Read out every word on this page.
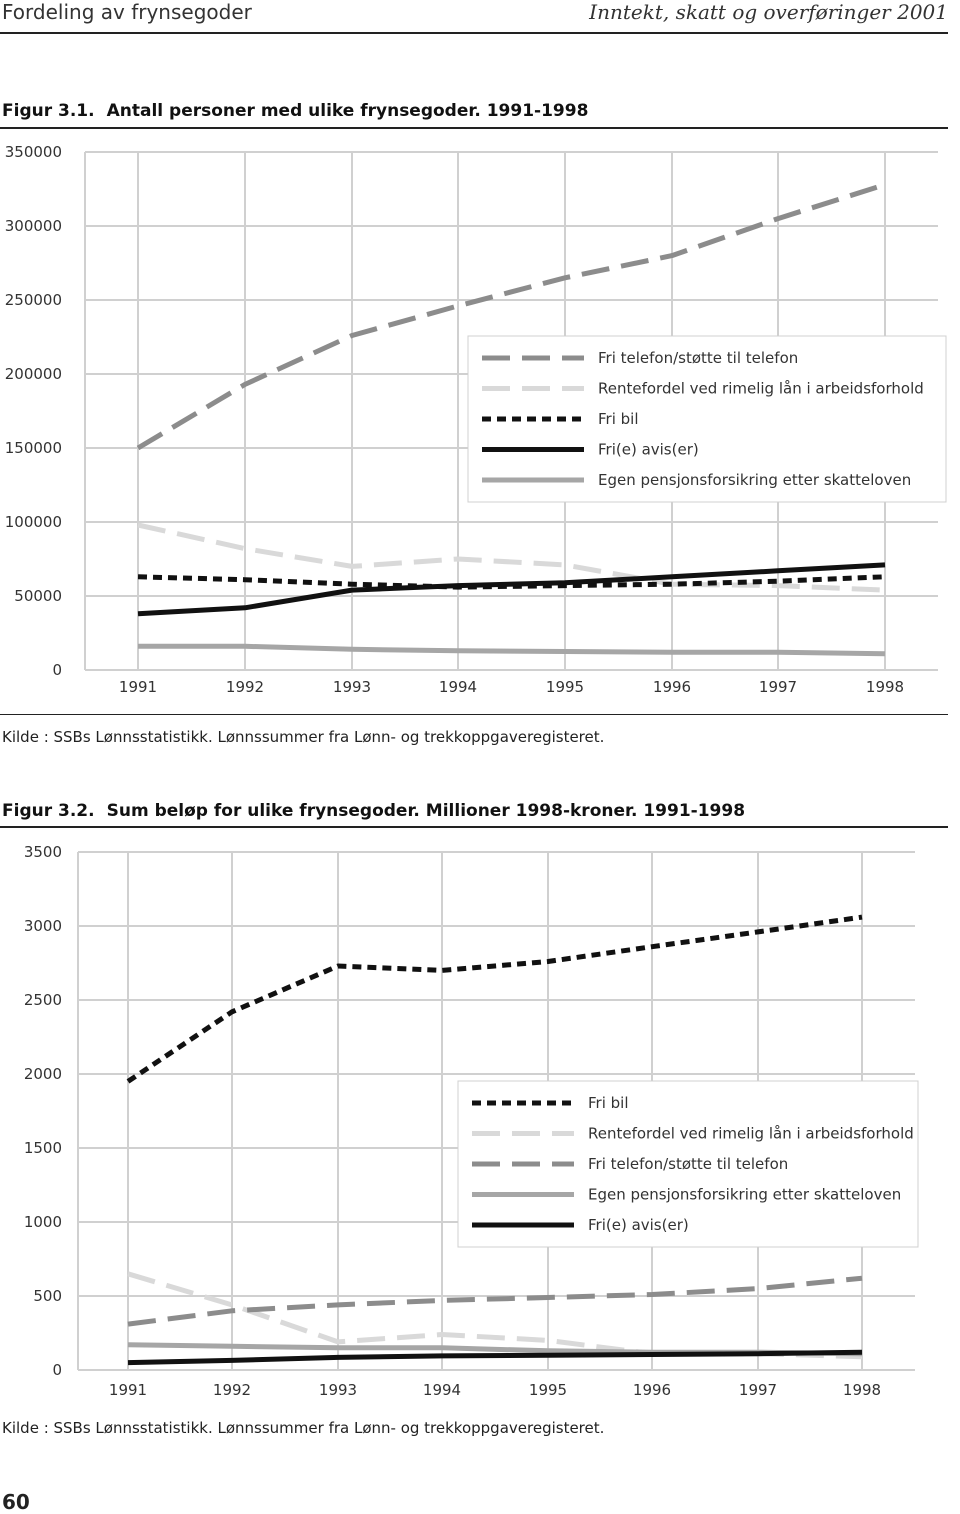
Fordeling av frynsegoder	Inntekt, skatt og overføringer 2001
Figur 3.1. Antall personer med ulike frynsegoder. 1991-1998
0
50000
100000
150000
200000
250000
300000
350000
1991	1992	1993	1994	1995	1996	1997	1998
Fri telefon/støtte til telefon
Rentefordel ved rimelig lån i arbeidsforhold
Fri bil
Fri(e) avis(er)
Egen pensjonsforsikring etter skatteloven
Kilde : SSBs Lønnsstatistikk. Lønnssummer fra Lønn- og trekkoppgaveregisteret.
Figur 3.2. Sum beløp for ulike frynsegoder. Millioner 1998-kroner. 1991-1998
0
500
1000
1500
2000
2500
3000
3500
1991	1992	1993	1994	1995	1996	1997	1998
Fri bil
Rentefordel ved rimelig lån i arbeidsforhold
Fri telefon/støtte til telefon
Egen pensjonsforsikring etter skatteloven
Fri(e) avis(er)
Kilde : SSBs Lønnsstatistikk. Lønnssummer fra Lønn- og trekkoppgaveregisteret.
60
